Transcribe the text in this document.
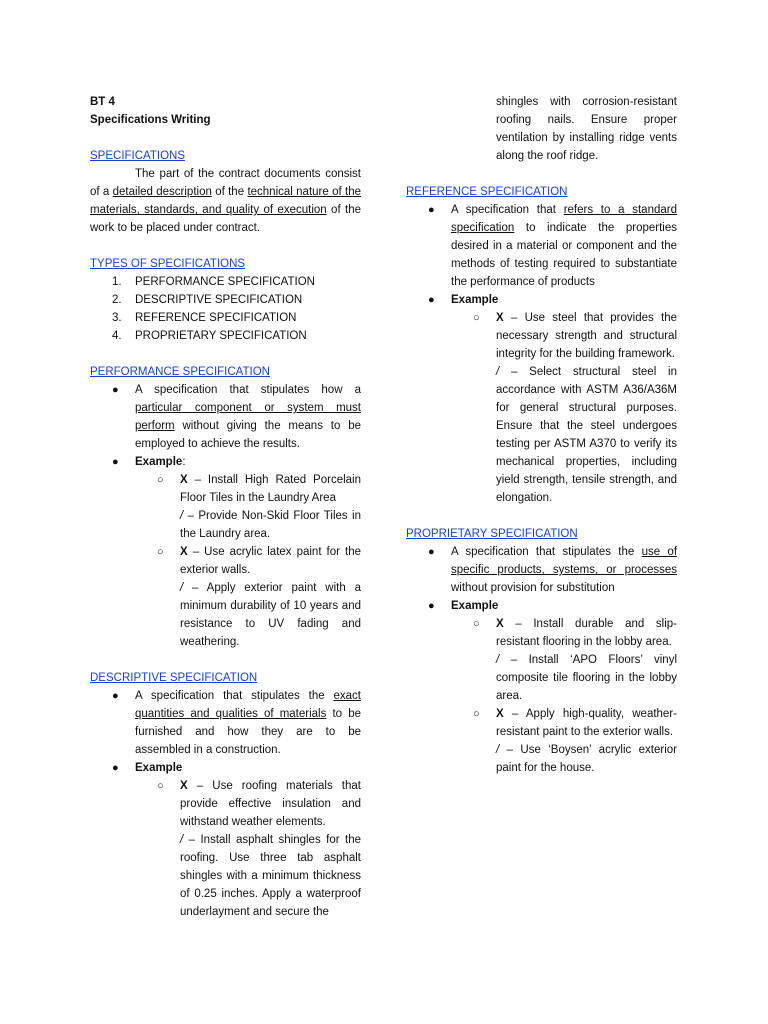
BT 4
Specifications Writing

SPECIFICATIONS

The part of the contract documents consist of a detailed description of the technical nature of the materials, standards, and quality of execution of the work to be placed under contract.

TYPES OF SPECIFICATIONS

1. PERFORMANCE SPECIFICATION
2. DESCRIPTIVE SPECIFICATION
3. REFERENCE SPECIFICATION
4. PROPRIETARY SPECIFICATION

PERFORMANCE SPECIFICATION

● A specification that stipulates how a particular component or system must perform without giving the means to be employed to achieve the results.
● Example:
○ X – Install High Rated Porcelain Floor Tiles in the Laundry Area
/ – Provide Non-Skid Floor Tiles in the Laundry area.
○ X – Use acrylic latex paint for the exterior walls.
/ – Apply exterior paint with a minimum durability of 10 years and resistance to UV fading and weathering.

DESCRIPTIVE SPECIFICATION

● A specification that stipulates the exact quantities and qualities of materials to be furnished and how they are to be assembled in a construction.
● Example
○ X – Use roofing materials that provide effective insulation and withstand weather elements.
/ – Install asphalt shingles for the roofing. Use three tab asphalt shingles with a minimum thickness of 0.25 inches. Apply a waterproof underlayment and secure the
shingles with corrosion-resistant roofing nails. Ensure proper ventilation by installing ridge vents along the roof ridge.

REFERENCE SPECIFICATION

● A specification that refers to a standard specification to indicate the properties desired in a material or component and the methods of testing required to substantiate the performance of products
● Example
○ X – Use steel that provides the necessary strength and structural integrity for the building framework.
/ – Select structural steel in accordance with ASTM A36/A36M for general structural purposes. Ensure that the steel undergoes testing per ASTM A370 to verify its mechanical properties, including yield strength, tensile strength, and elongation.

PROPRIETARY SPECIFICATION

● A specification that stipulates the use of specific products, systems, or processes without provision for substitution
● Example
○ X – Install durable and slip-resistant flooring in the lobby area.
/ – Install ‘APO Floors’ vinyl composite tile flooring in the lobby area.
○ X – Apply high-quality, weather-resistant paint to the exterior walls.
/ – Use ‘Boysen’ acrylic exterior paint for the house.
